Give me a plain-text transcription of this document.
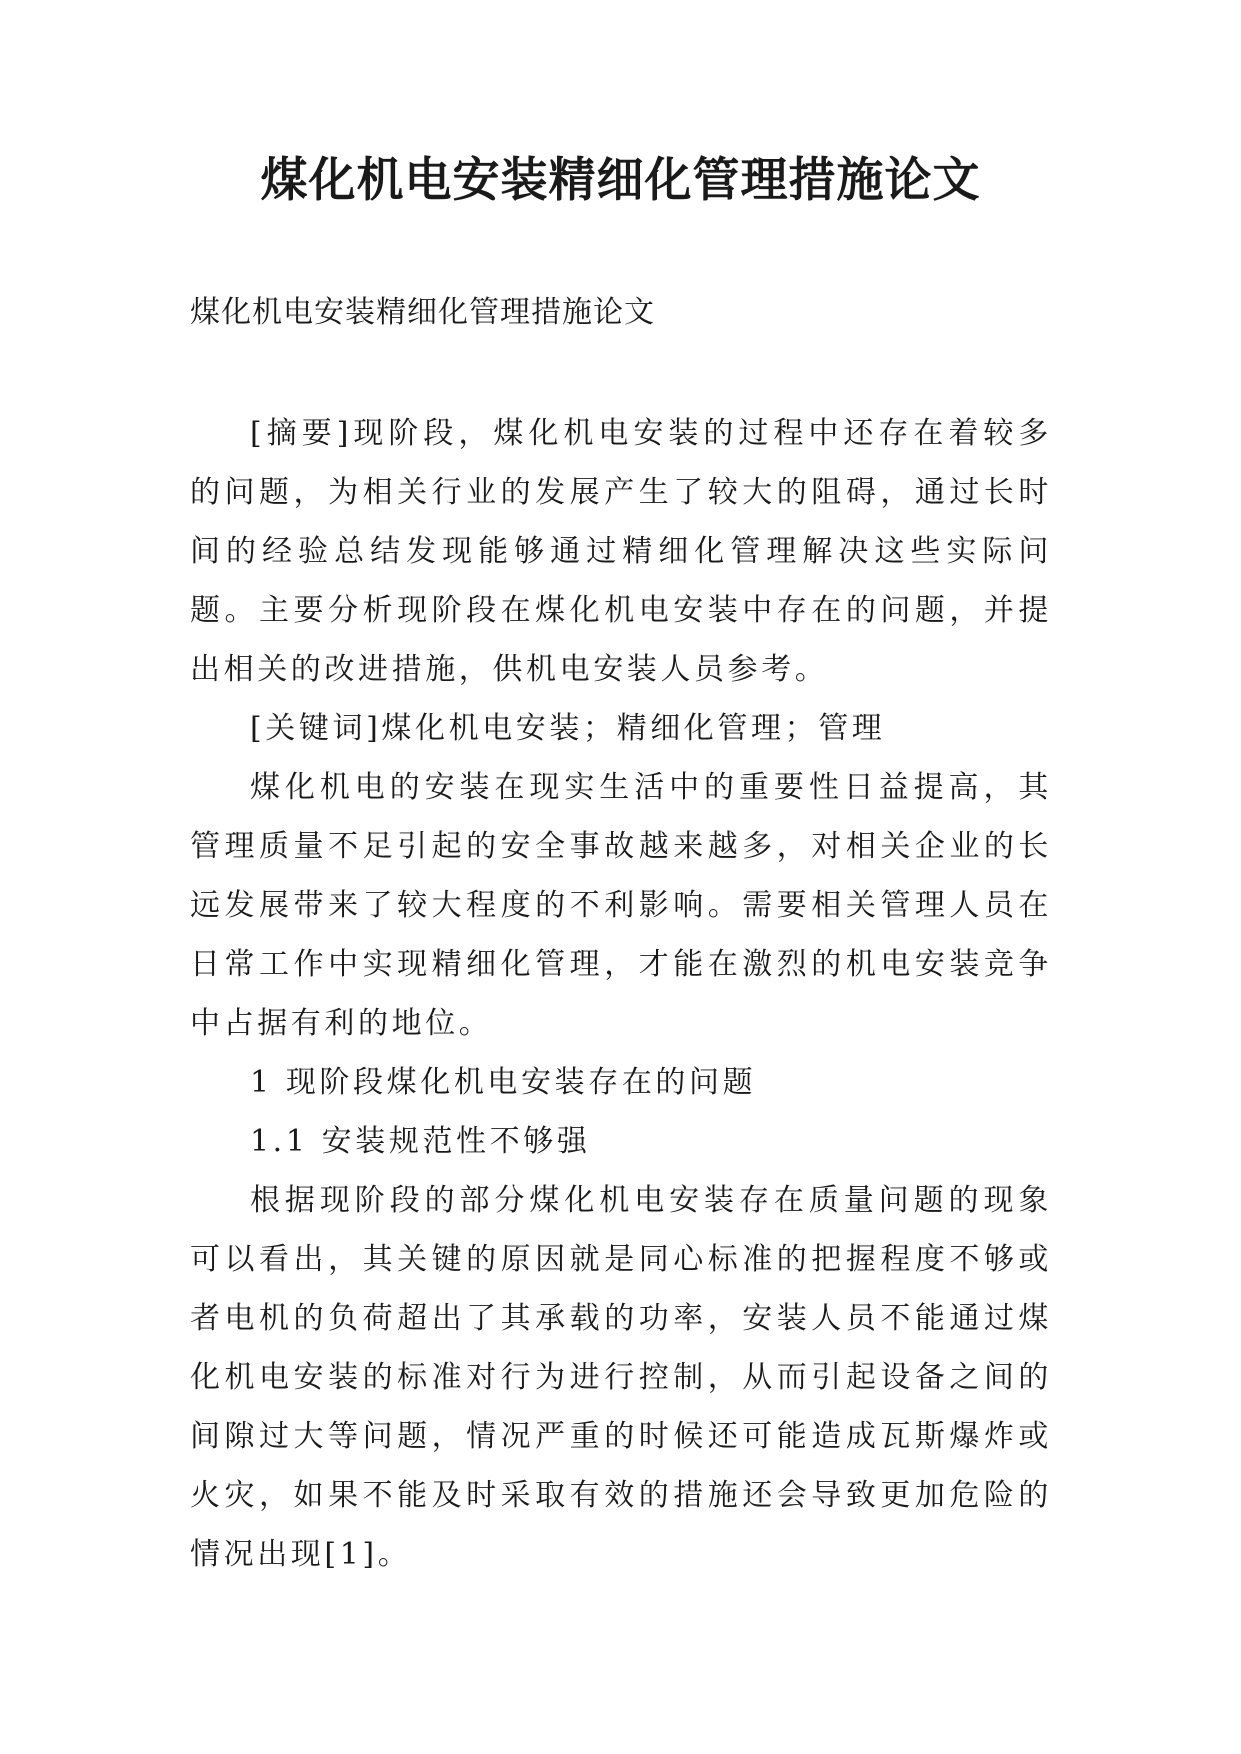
煤化机电安装精细化管理措施论文
煤化机电安装精细化管理措施论文

[摘要]现阶段，煤化机电安装的过程中还存在着较多的问题，为相关行业的发展产生了较大的阻碍，通过长时间的经验总结发现能够通过精细化管理解决这些实际问题。主要分析现阶段在煤化机电安装中存在的问题，并提出相关的改进措施，供机电安装人员参考。

[关键词]煤化机电安装；精细化管理；管理

煤化机电的安装在现实生活中的重要性日益提高，其管理质量不足引起的安全事故越来越多，对相关企业的长远发展带来了较大程度的不利影响。需要相关管理人员在日常工作中实现精细化管理，才能在激烈的机电安装竞争中占据有利的地位。

1 现阶段煤化机电安装存在的问题

1.1 安装规范性不够强

根据现阶段的部分煤化机电安装存在质量问题的现象可以看出，其关键的原因就是同心标准的把握程度不够或者电机的负荷超出了其承载的功率，安装人员不能通过煤化机电安装的标准对行为进行控制，从而引起设备之间的间隙过大等问题，情况严重的时候还可能造成瓦斯爆炸或火灾，如果不能及时采取有效的措施还会导致更加危险的情况出现[1]。
